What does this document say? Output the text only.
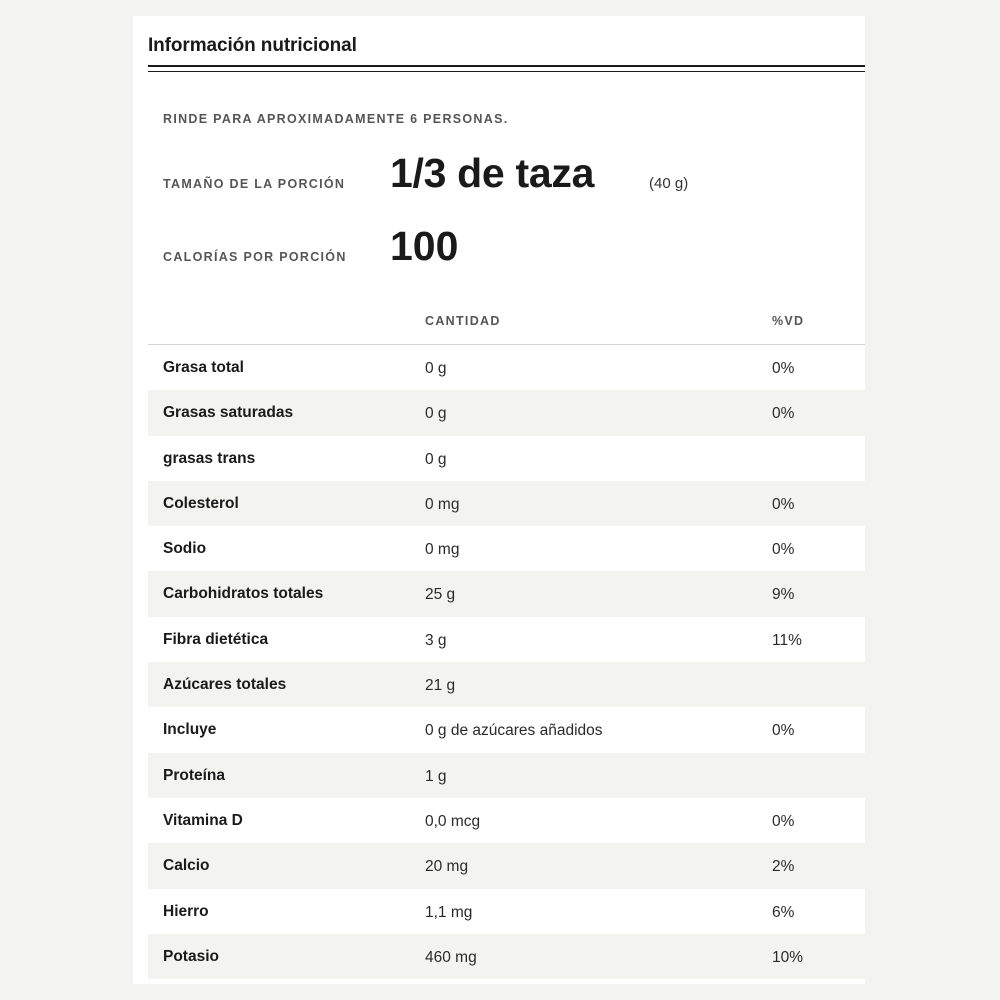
Información nutricional
RINDE PARA APROXIMADAMENTE 6 PERSONAS.
TAMAÑO DE LA PORCIÓN 1/3 de taza	(40 g)
CALORÍAS POR PORCIÓN 100
CANTIDAD	%VD
Grasa total	0 g	0%
Grasas saturadas	0 g	0%
grasas trans	0 g
Colesterol	0 mg	0%
Sodio	0 mg	0%
Carbohidratos totales	25 g	9%
Fibra dietética	3 g	11%
Azúcares totales	21 g
Incluye	0 g de azúcares añadidos	0%
Proteína	1 g
Vitamina D	0,0 mcg	0%
Calcio	20 mg	2%
Hierro	1,1 mg	6%
Potasio	460 mg	10%
